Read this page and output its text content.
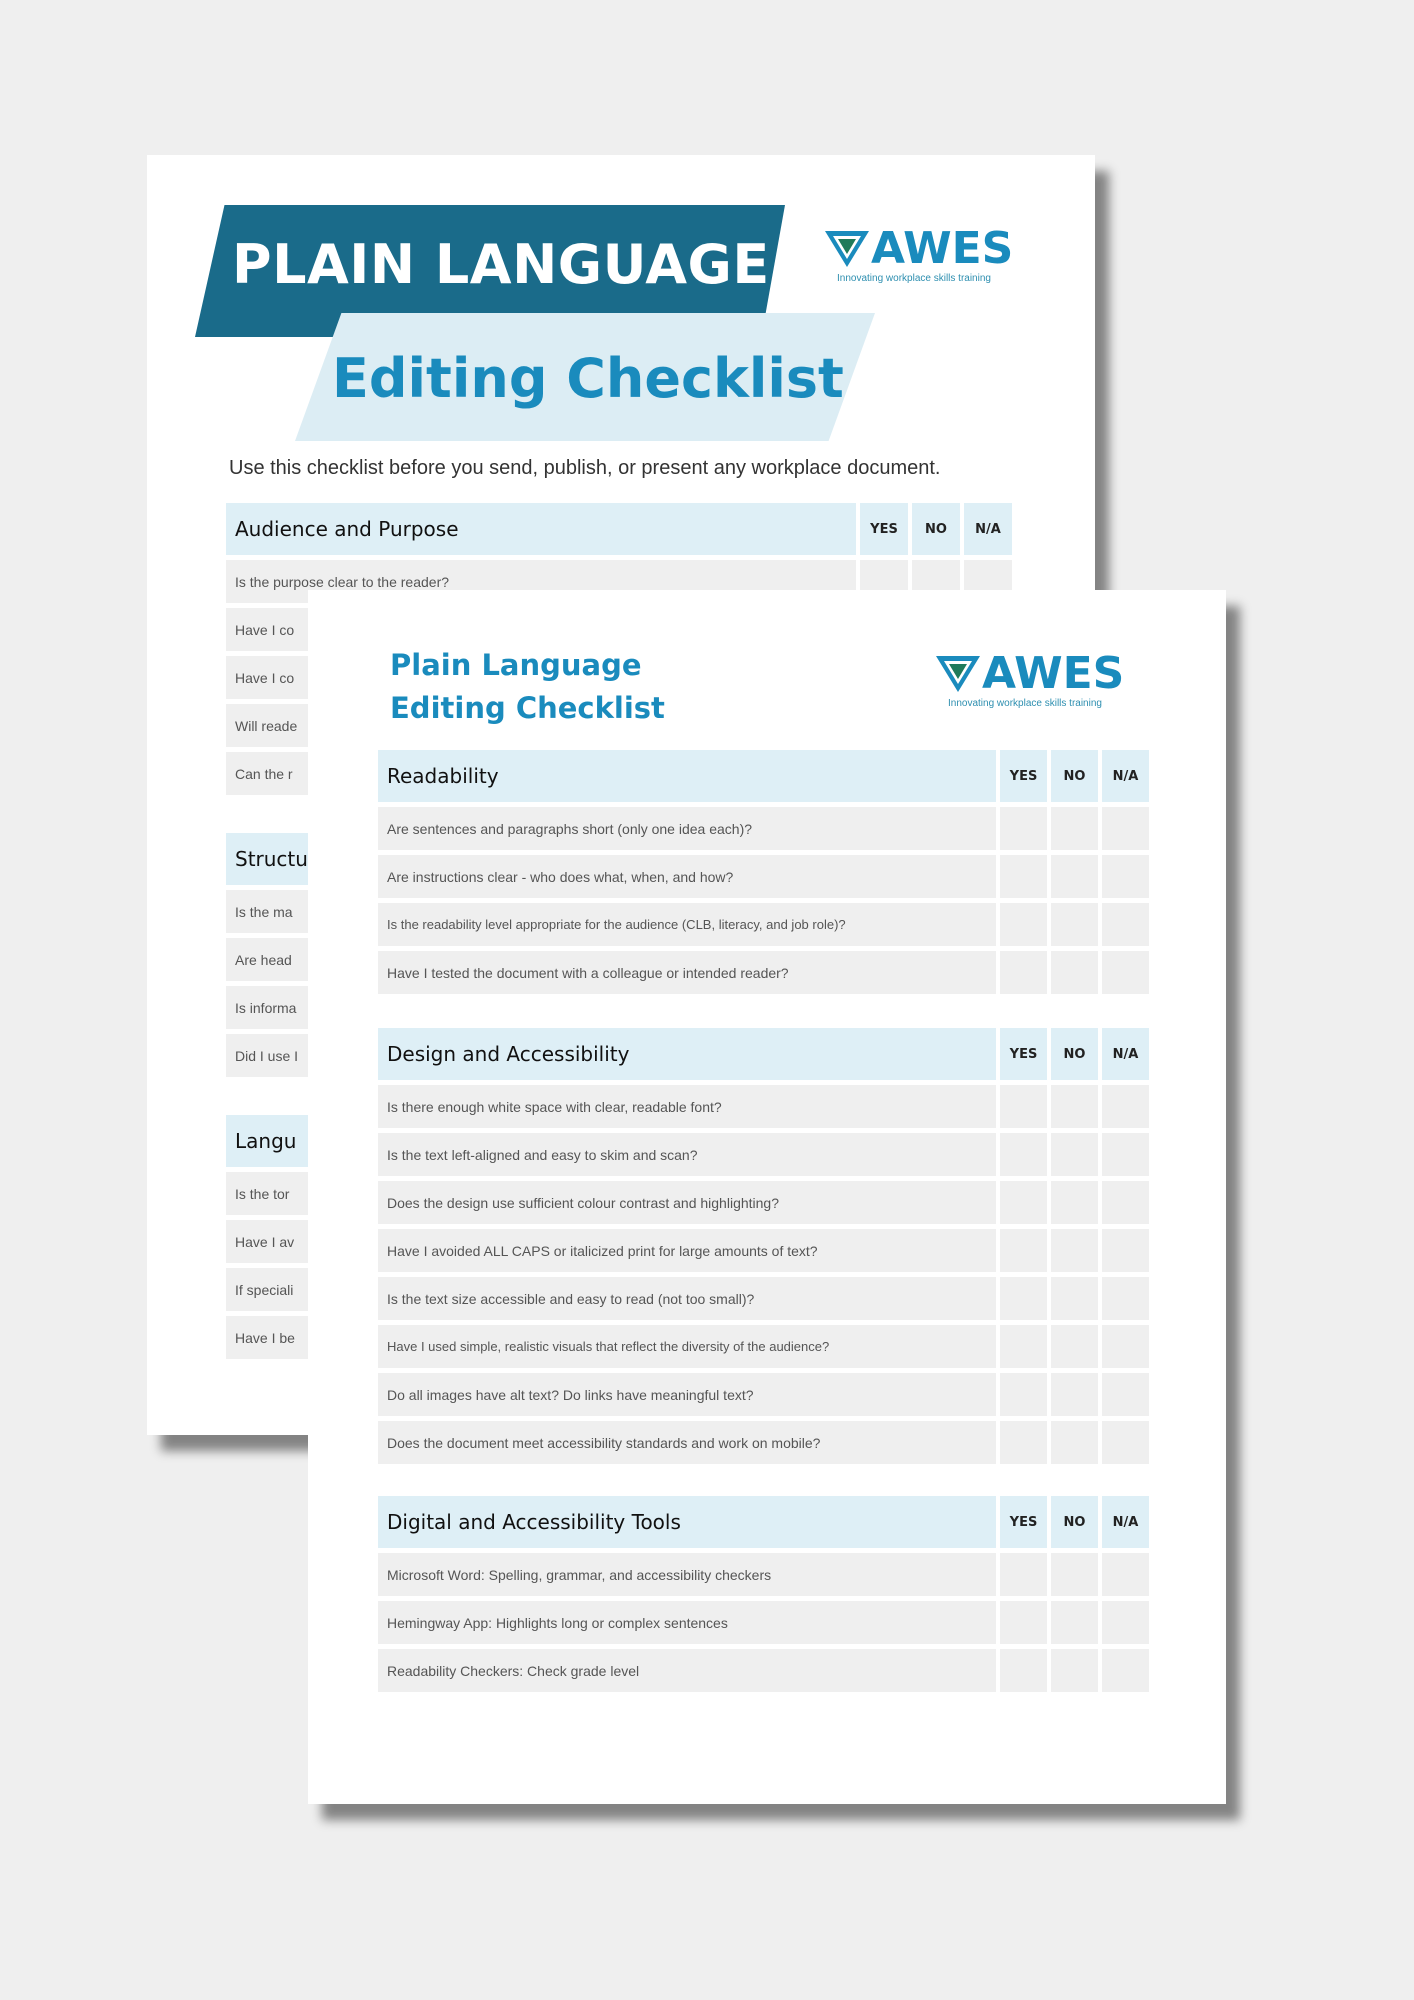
PLAIN LANGUAGE
Editing Checklist
AWES
Innovating workplace skills training
Use this checklist before you send, publish, or present any workplace document.
Audience and Purpose	YES	NO	N/A
Is the purpose clear to the reader?
Have I co
Have I co
Will reade
Can the r
Structu
Is the ma
Are head
Is informa
Did I use I
Langu
Is the tor
Have I av
If speciali
Have I be
Plain Language
Editing Checklist
AWES
Innovating workplace skills training
Readability	YES	NO	N/A
Are sentences and paragraphs short (only one idea each)?
Are instructions clear - who does what, when, and how?
Is the readability level appropriate for the audience (CLB, literacy, and job role)?
Have I tested the document with a colleague or intended reader?
Design and Accessibility	YES	NO	N/A
Is there enough white space with clear, readable font?
Is the text left-aligned and easy to skim and scan?
Does the design use sufficient colour contrast and highlighting?
Have I avoided ALL CAPS or italicized print for large amounts of text?
Is the text size accessible and easy to read (not too small)?
Have I used simple, realistic visuals that reflect the diversity of the audience?
Do all images have alt text? Do links have meaningful text?
Does the document meet accessibility standards and work on mobile?
Digital and Accessibility Tools	YES	NO	N/A
Microsoft Word: Spelling, grammar, and accessibility checkers
Hemingway App: Highlights long or complex sentences
Readability Checkers: Check grade level
